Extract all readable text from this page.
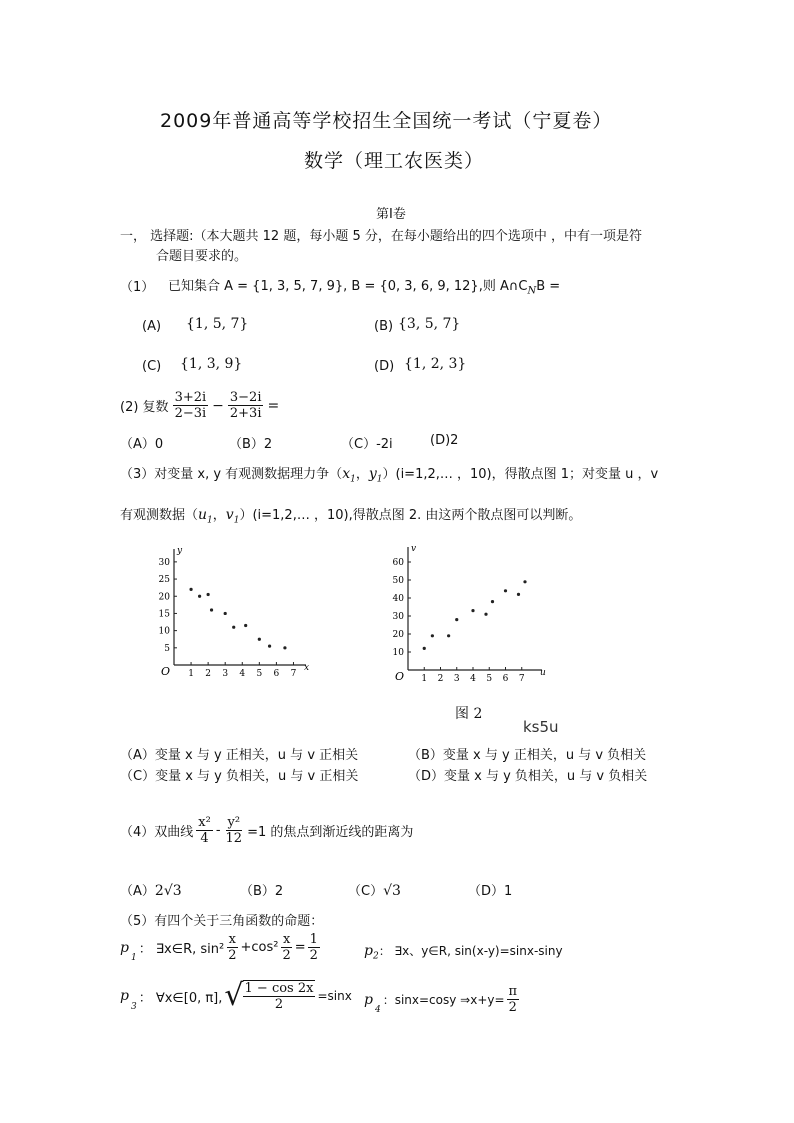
2009年普通高等学校招生全国统一考试（宁夏卷）
数学（理工农医类）
第Ⅰ卷
一， 选择题:（本大题共 12 题，每小题 5 分，在每小题给出的四个选项中 ，中有一项是符
合题目要求的。
（1） 已知集合 A = {1, 3, 5, 7, 9}, B = {0, 3, 6, 9, 12},则 $A\cap C_NB$ =
(A) {1, 5, 7}	(B) {3, 5, 7}
(C) {1, 3, 9}	(D) {1, 2, 3}
(2) 复数 $\frac{3+2i}{2-3i} - \frac{3-2i}{2+3i}$ =
（A）0	（B）2	（C）-2i	(D)2
（3）对变量 x, y 有观测数据理力争（$x_1$，$y_1)(i=1,2,\dots$ ，10)，得散点图 1；对变量 u ，v
有观测数据（$u_1$，$v_1)(i=1,2,\dots$ ，10),得散点图 2. 由这两个散点图可以判断。
y
x
O
5
10
15
20
25
30
1 2 3 4 5 6 7
v
u
O
10
20
30
40
50
60
1 2 3 4 5 6 7
图 2
ks5u
（A）变量 x 与 y 正相关，u 与 v 正相关	（B）变量 x 与 y 正相关，u 与 v 负相关
（C）变量 x 与 y 负相关，u 与 v 正相关	（D）变量 x 与 y 负相关，u 与 v 负相关
（4）双曲线 $\frac{\text{x²}}{4} - \frac{\text{y²}}{12} =1$ 的焦点到渐近线的距离为
（A）2√3	（B）2	（C）√3	（D）1
（5）有四个关于三角函数的命题：
p
$_1$
： ∃x∈R, $\sin^2 \frac{x}{2} +\cos^2 \frac{x}{2} = \frac{1}{2}$	$p_2$： ∃x、y∈R, sin(x-y)=sinx-siny
p
$_3$
： ∀x∈[0, π], √ $\frac{1 - \cos 2x}{2} =\sin x$ p
$_4$
：sinx=cosy ⇒x+y= $\frac{\pi}{2}$
